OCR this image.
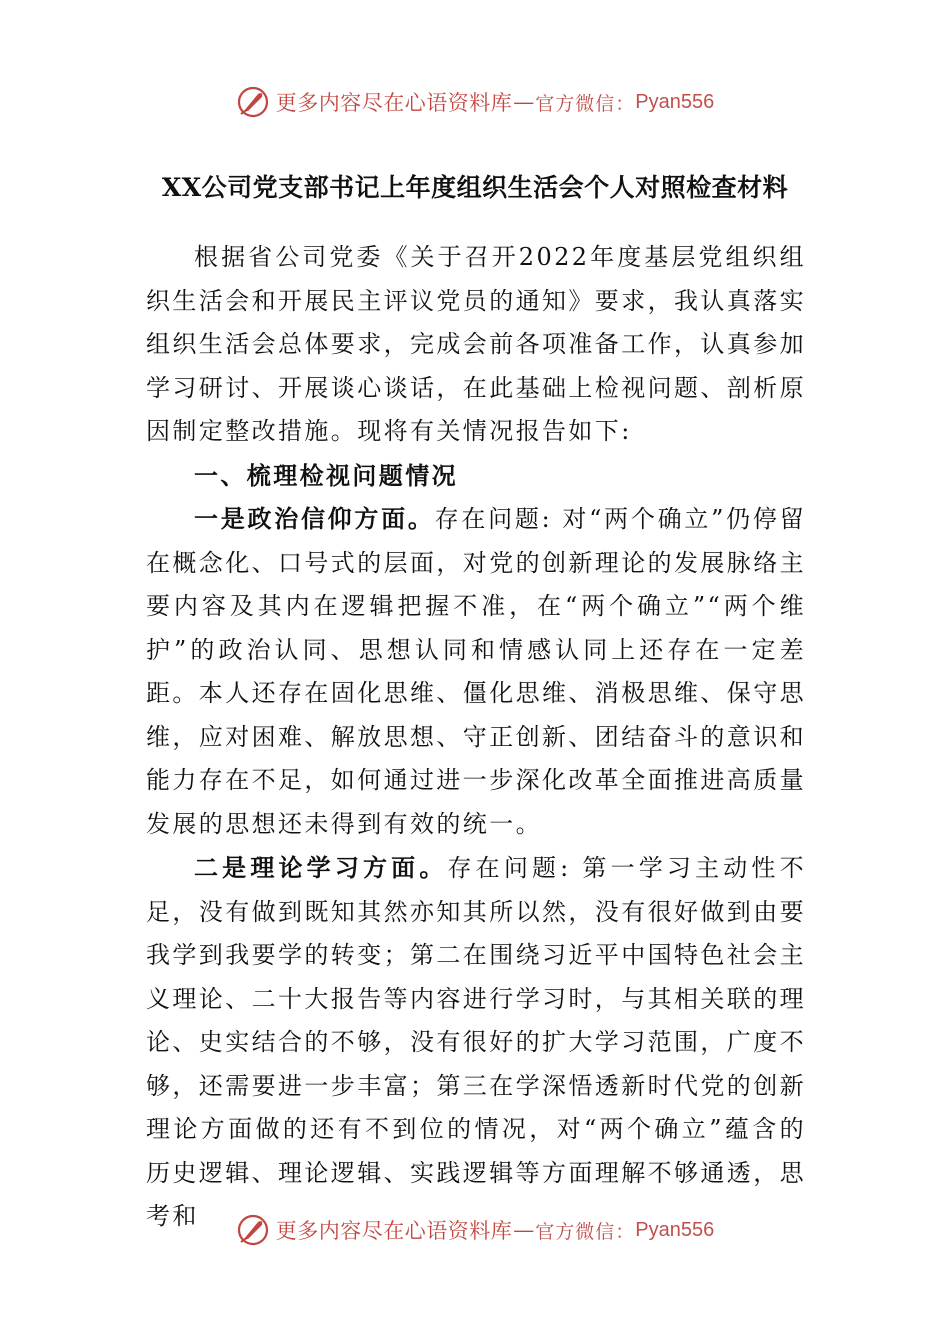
更多内容尽在心语资料库 — 官方微信： Pyan556
XX公司党支部书记上年度组织生活会个人对照检查材料

根据省公司党委《关于召开2022年度基层党组织组织生活会和开展民主评议党员的通知》要求，我认真落实组织生活会总体要求，完成会前各项准备工作，认真参加学习研讨、开展谈心谈话，在此基础上检视问题、剖析原因制定整改措施。现将有关情况报告如下:

一、梳理检视问题情况

一是政治信仰方面。存在问题: 对“两个确立”仍停留在概念化、口号式的层面，对党的创新理论的发展脉络主要内容及其内在逻辑把握不准，在“两个确立”“两个维护”的政治认同、思想认同和情感认同上还存在一定差距。本人还存在固化思维、僵化思维、消极思维、保守思维，应对困难、解放思想、守正创新、团结奋斗的意识和能力存在不足，如何通过进一步深化改革全面推进高质量发展的思想还未得到有效的统一。

二是理论学习方面。存在问题: 第一学习主动性不足，没有做到既知其然亦知其所以然，没有很好做到由要我学到我要学的转变；第二在围绕习近平中国特色社会主义理论、二十大报告等内容进行学习时，与其相关联的理论、史实结合的不够，没有很好的扩大学习范围，广度不够，还需要进一步丰富；第三在学深悟透新时代党的创新理论方面做的还有不到位的情况，对“两个确立”蕴含的历史逻辑、理论逻辑、实践逻辑等方面理解不够通透，思考和

更多内容尽在心语资料库 — 官方微信： Pyan556
